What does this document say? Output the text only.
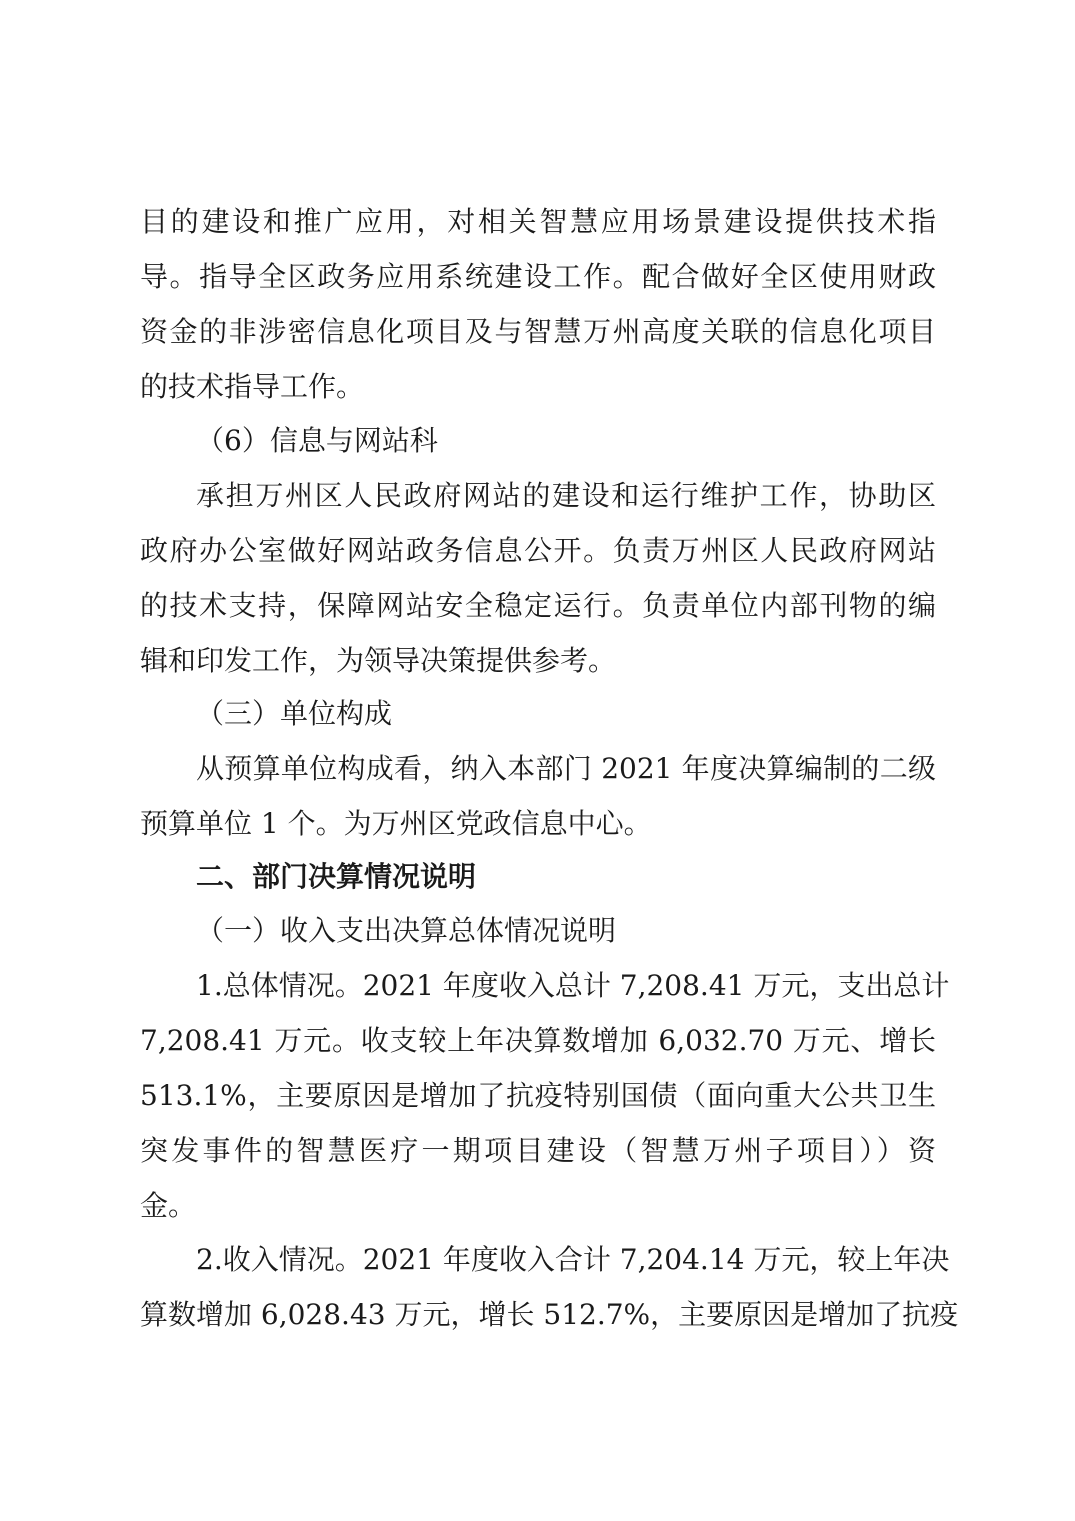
目的建设和推广应用，对相关智慧应用场景建设提供技术指
导。指导全区政务应用系统建设工作。配合做好全区使用财政
资金的非涉密信息化项目及与智慧万州高度关联的信息化项目
的技术指导工作。
（6）信息与网站科
承担万州区人民政府网站的建设和运行维护工作，协助区
政府办公室做好网站政务信息公开。负责万州区人民政府网站
的技术支持，保障网站安全稳定运行。负责单位内部刊物的编
辑和印发工作，为领导决策提供参考。
（三）单位构成
从预算单位构成看，纳入本部门 2021 年度决算编制的二级
预算单位 1 个。为万州区党政信息中心。
二、部门决算情况说明
（一）收入支出决算总体情况说明
1.总体情况。2021 年度收入总计 7,208.41 万元，支出总计
7,208.41 万元。收支较上年决算数增加 6,032.70 万元、增长
513.1%，主要原因是增加了抗疫特别国债（面向重大公共卫生
突发事件的智慧医疗一期项目建设（智慧万州子项目））资
金。
2.收入情况。2021 年度收入合计 7,204.14 万元，较上年决
算数增加 6,028.43 万元，增长 512.7%，主要原因是增加了抗疫
